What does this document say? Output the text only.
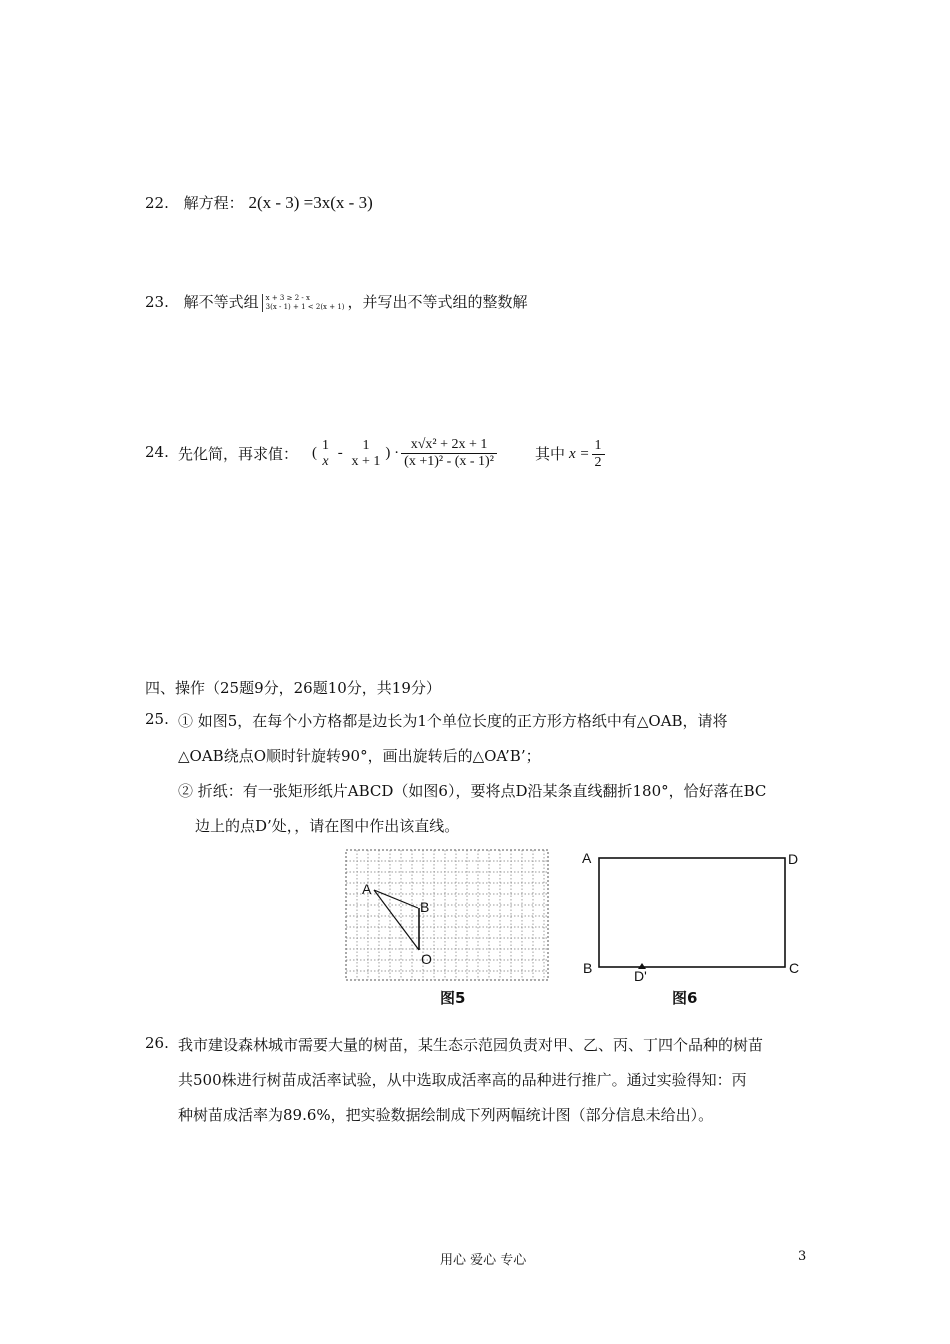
22. 解方程： 2(x - 3) =3x(x - 3)
23. 解不等式组 x + 3 ≥ 2 - x
3(x - 1) + 1 < 2(x + 1) ，并写出不等式组的整数解
24. 先化简，再求值： ( 1
x -	1
x + 1 ) · $\frac{\text{x√x² + 2x + 1}}{\text{(x +1)² - (x - 1)²}}$	其中 $x = \frac{1}{2}$
四、操作（25题9分，26题10分，共19分）
25. ① 如图5，在每个小方格都是边长为1个单位长度的正方形方格纸中有△OAB，请将
△OAB绕点O顺时针旋转90°，画出旋转后的△OA’B’；
② 折纸：有一张矩形纸片ABCD（如图6），要将点D沿某条直线翻折180°，恰好落在BC
边上的点D’处，，请在图中作出该直线。
A
B
O
图5
A	D
B	C
D'
图6
26. 我市建设森林城市需要大量的树苗，某生态示范园负责对甲、乙、丙、丁四个品种的树苗
共500株进行树苗成活率试验，从中选取成活率高的品种进行推广。通过实验得知：丙
种树苗成活率为89.6%，把实验数据绘制成下列两幅统计图（部分信息未给出）。
用心 爱心 专心	3
